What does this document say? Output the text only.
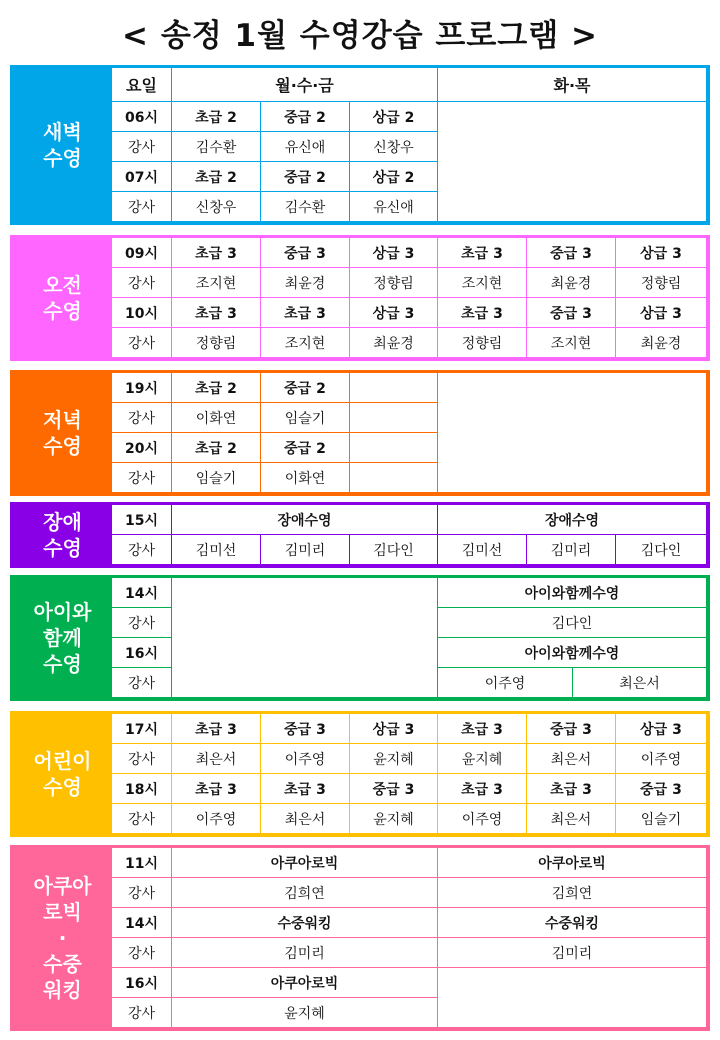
< 송정 1월 수영강습 프로그램 >
새벽
수영
요일	월·수·금	화·목
06시	초급 2	중급 2	상급 2
강사	김수환	유신애	신창우
07시	초급 2	중급 2	상급 2
강사	신창우	김수환	유신애
오전
수영
09시	초급 3	중급 3	상급 3	초급 3	중급 3	상급 3
강사	조지현	최윤경	정향림	조지현	최윤경	정향림
10시	초급 3	초급 3	상급 3	초급 3	중급 3	상급 3
강사	정향림	조지현	최윤경	정향림	조지현	최윤경
저녁
수영
19시	초급 2	중급 2
강사	이화연	임슬기
20시	초급 2	중급 2
강사	임슬기	이화연
장애
수영
15시	장애수영	장애수영
강사	김미선	김미리	김다인	김미선	김미리	김다인
아이와
함께
수영
14시	아이와함께수영
강사	김다인
16시	아이와함께수영
강사	이주영	최은서
어린이
수영
17시	초급 3	중급 3	상급 3	초급 3	중급 3	상급 3
강사	최은서	이주영	윤지혜	윤지혜	최은서	이주영
18시	초급 3	초급 3	중급 3	초급 3	초급 3	중급 3
강사	이주영	최은서	윤지혜	이주영	최은서	임슬기
아쿠아
로빅
·
수중
워킹
11시	아쿠아로빅	아쿠아로빅
강사	김희연	김희연
14시	수중워킹	수중워킹
강사	김미리	김미리
16시	아쿠아로빅
강사	윤지혜
